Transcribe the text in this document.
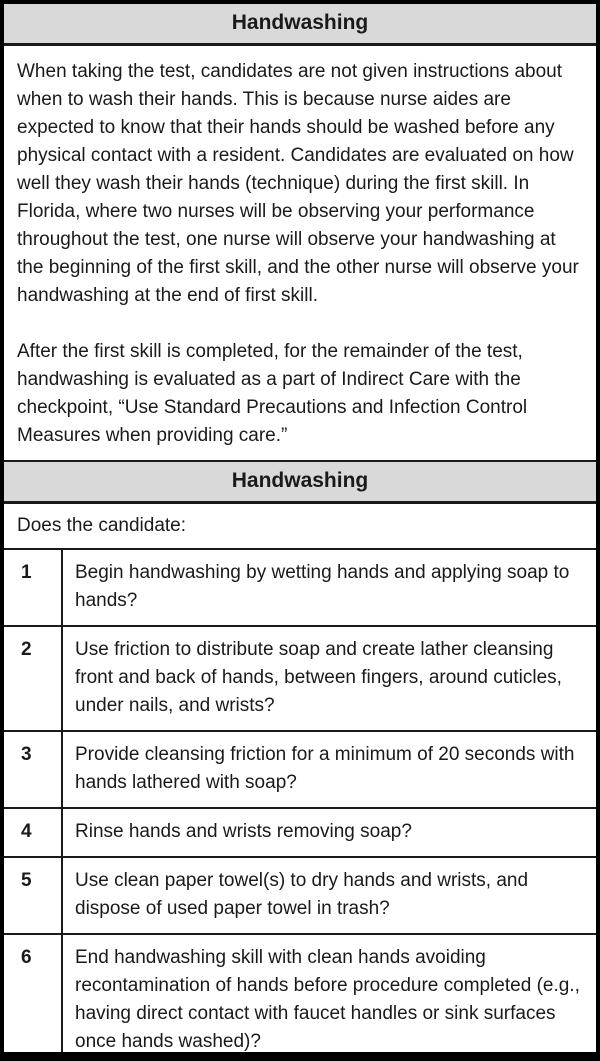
Handwashing

When taking the test, candidates are not given instructions about when to wash their hands. This is because nurse aides are expected to know that their hands should be washed before any physical contact with a resident. Candidates are evaluated on how well they wash their hands (technique) during the first skill. In Florida, where two nurses will be observing your performance throughout the test, one nurse will observe your handwashing at the beginning of the first skill, and the other nurse will observe your handwashing at the end of first skill.

After the first skill is completed, for the remainder of the test, handwashing is evaluated as a part of Indirect Care with the checkpoint, “Use Standard Precautions and Infection Control Measures when providing care.”

Handwashing
Does the candidate:
1	Begin handwashing by wetting hands and applying soap to hands?
2	Use friction to distribute soap and create lather cleansing front and back of hands, between fingers, around cuticles, under nails, and wrists?
3	Provide cleansing friction for a minimum of 20 seconds with hands lathered with soap?
4	Rinse hands and wrists removing soap?
5	Use clean paper towel(s) to dry hands and wrists, and dispose of used paper towel in trash?
6	End handwashing skill with clean hands avoiding recontamination of hands before procedure completed (e.g., having direct contact with faucet handles or sink surfaces once hands washed)?
